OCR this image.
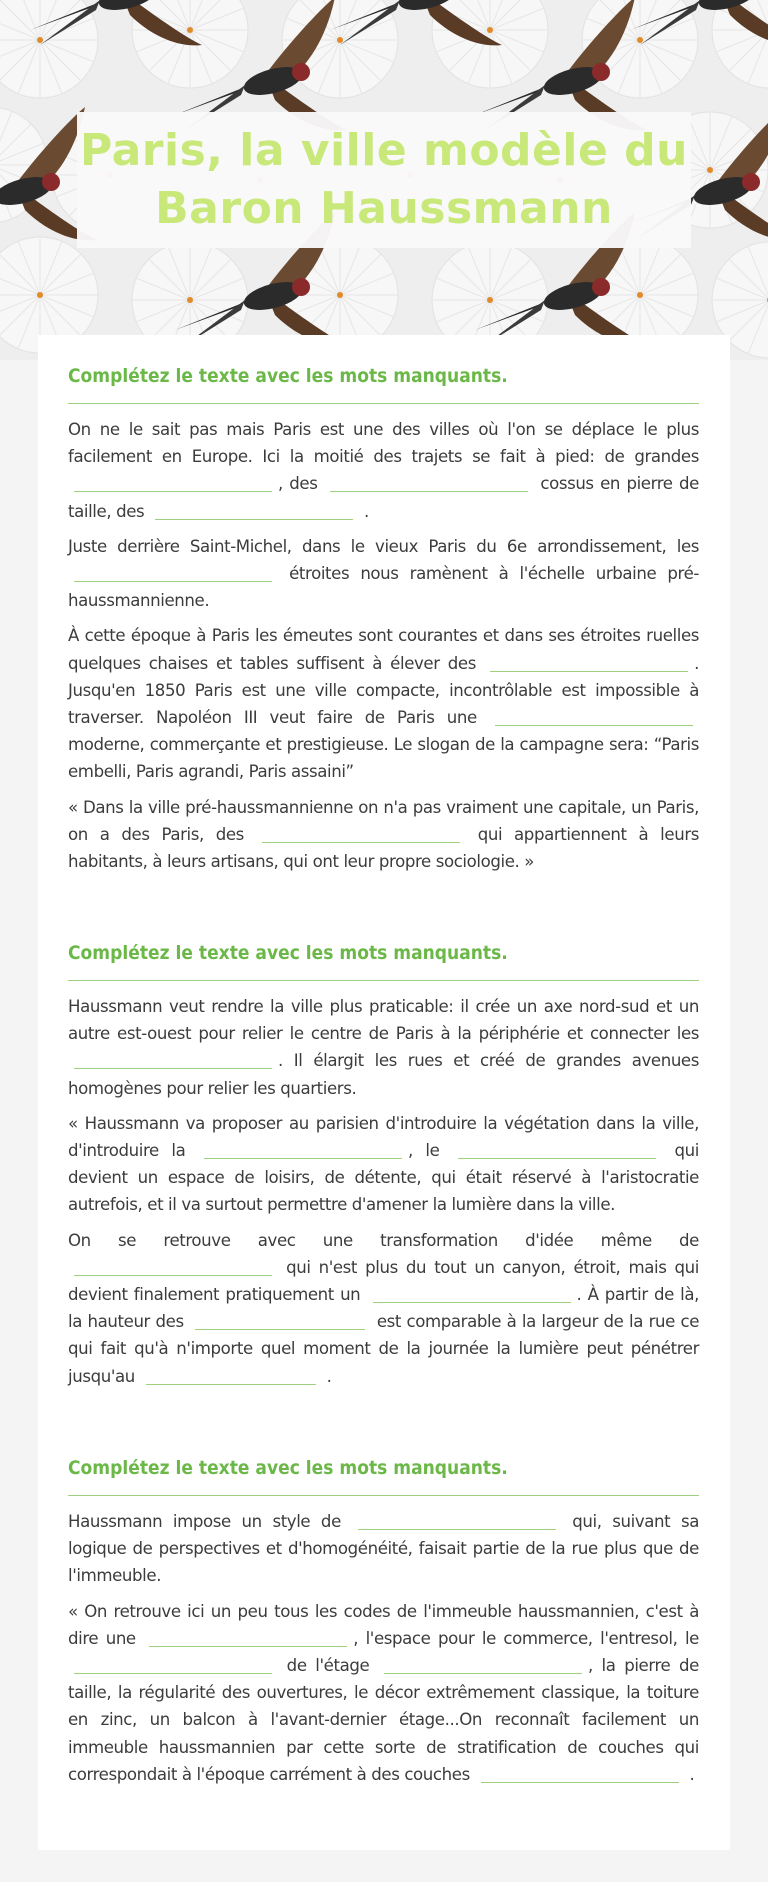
Paris, la ville modèle du Baron Haussmann
Complétez le texte avec les mots manquants.

On ne le sait pas mais Paris est une des villes où l'on se déplace le plus facilement en Europe. Ici la moitié des trajets se fait à pied: de grandes , des	cossus en pierre de taille, des	.

Juste derrière Saint-Michel, dans le vieux Paris du 6e arrondissement, les  étroites nous ramènent à l'échelle urbaine pré-haussmannienne.

À cette époque à Paris les émeutes sont courantes et dans ses étroites ruelles quelques chaises et tables suffisent à élever des	. Jusqu'en 1850 Paris est une ville compacte, incontrôlable est impossible à traverser. Napoléon III veut faire de Paris une  moderne, commerçante et prestigieuse. Le slogan de la campagne sera: “Paris embelli, Paris agrandi, Paris assaini”

« Dans la ville pré-haussmannienne on n'a pas vraiment une capitale, un Paris, on a des Paris, des	qui appartiennent à leurs habitants, à leurs artisans, qui ont leur propre sociologie. »

Complétez le texte avec les mots manquants.

Haussmann veut rendre la ville plus praticable: il crée un axe nord-sud et un autre est-ouest pour relier le centre de Paris à la périphérie et connecter les . Il élargit les rues et créé de grandes avenues homogènes pour relier les quartiers.

« Haussmann va proposer au parisien d'introduire la végétation dans la ville, d'introduire la	, le	qui devient un espace de loisirs, de détente, qui était réservé à l'aristocratie autrefois, et il va surtout permettre d'amener la lumière dans la ville.

On se retrouve avec une transformation d'idée même de  qui n'est plus du tout un canyon, étroit, mais qui devient finalement pratiquement un	. À partir de là, la hauteur des	est comparable à la largeur de la rue ce qui fait qu'à n'importe quel moment de la journée la lumière peut pénétrer jusqu'au	.

Complétez le texte avec les mots manquants.

Haussmann impose un style de	qui, suivant sa logique de perspectives et d'homogénéité, faisait partie de la rue plus que de l'immeuble.

« On retrouve ici un peu tous les codes de l'immeuble haussmannien, c'est à dire une	, l'espace pour le commerce, l'entresol, le  de l'étage	, la pierre de taille, la régularité des ouvertures, le décor extrêmement classique, la toiture en zinc, un balcon à l'avant-dernier étage...On reconnaît facilement un immeuble haussmannien par cette sorte de stratification de couches qui correspondait à l'époque carrément à des couches	.
